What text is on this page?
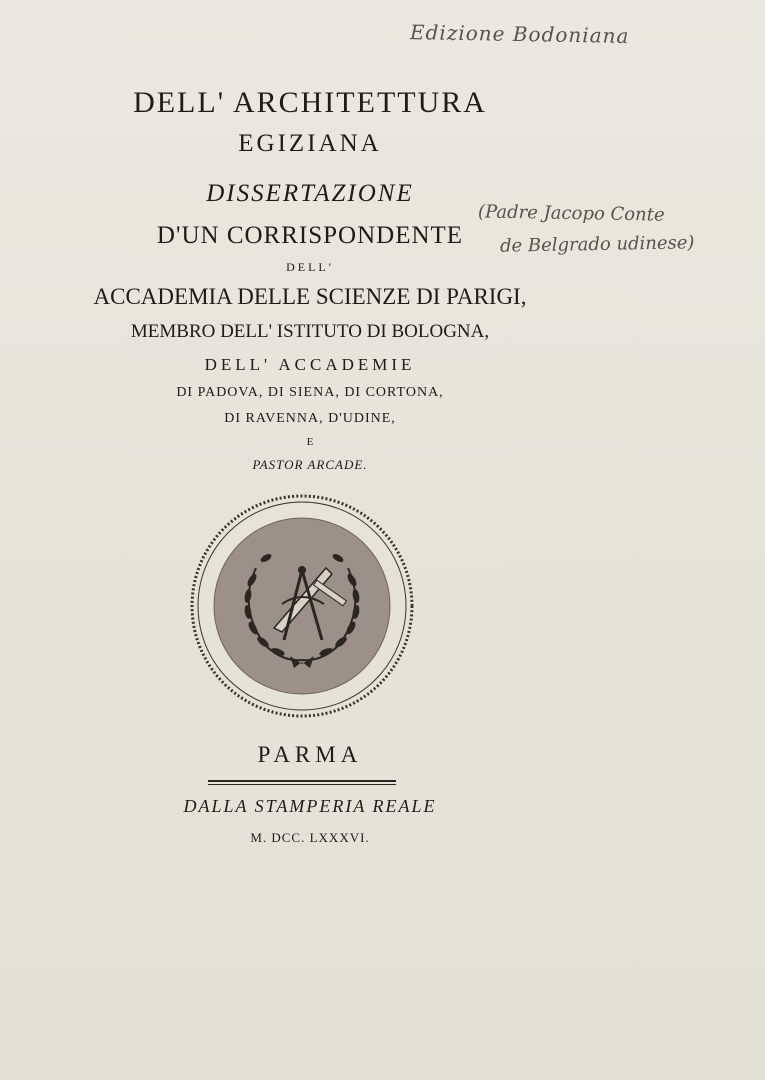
DELL' ARCHITETTURA
EGIZIANA
DISSERTAZIONE
D'UN CORRISPONDENTE
DELL'
ACCADEMIA DELLE SCIENZE DI PARIGI,
MEMBRO DELL' ISTITUTO DI BOLOGNA,
DELL' ACCADEMIE
DI PADOVA, DI SIENA, DI CORTONA,
DI RAVENNA, D'UDINE,
E
PASTOR ARCADE.
PARMA
DALLA STAMPERIA REALE
M. DCC. LXXXVI.
Edizione Bodoniana
(Padre Jacopo Conte
de Belgrado udinese)
